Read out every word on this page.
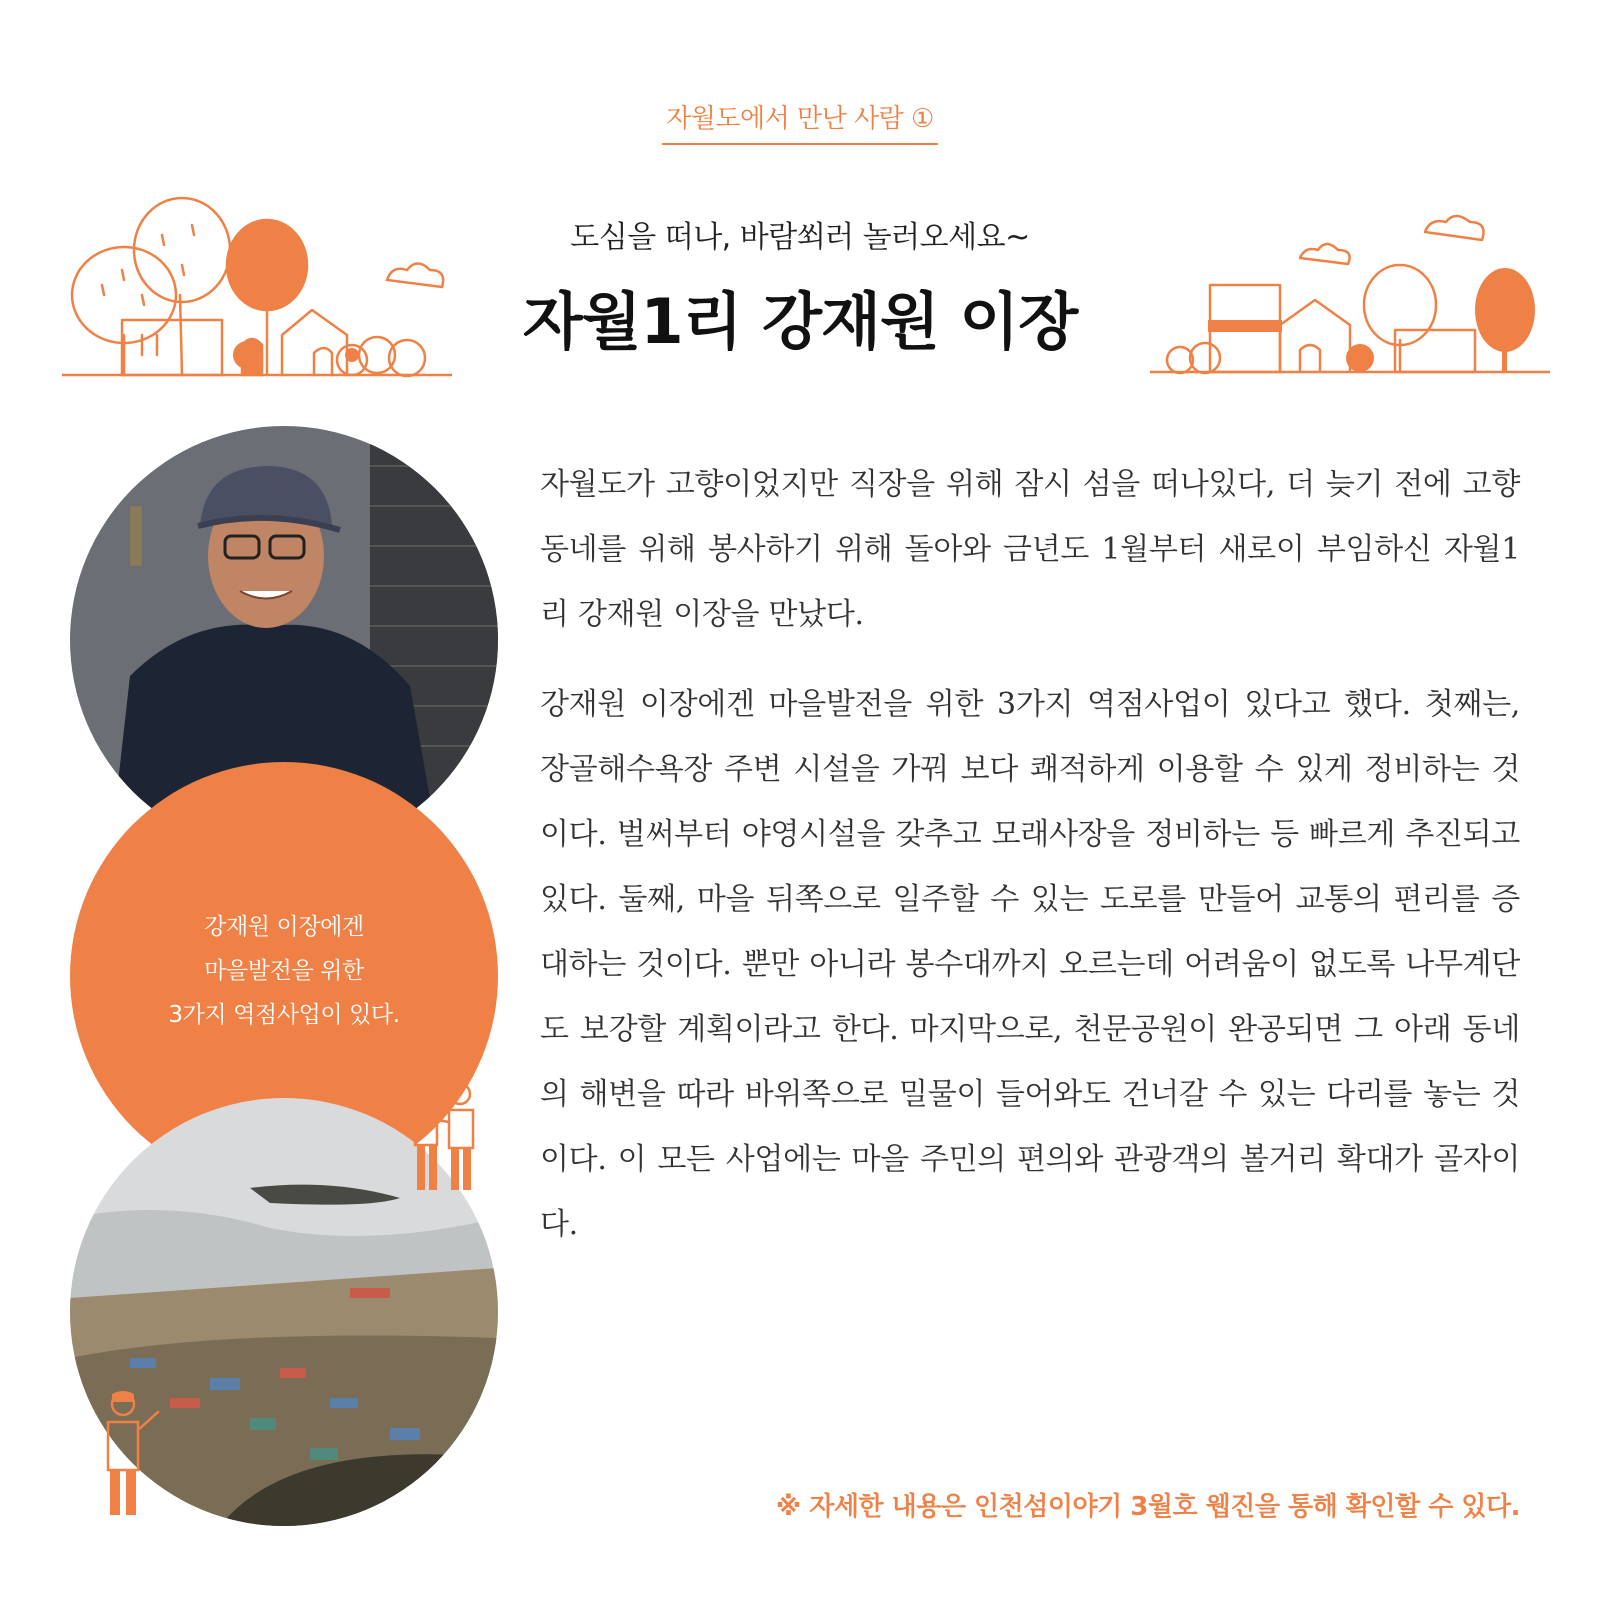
자월도에서 만난 사람 ①
도심을 떠나, 바람쐬러 놀러오세요~
자월1리 강재원 이장
강재원 이장에겐
마을발전을 위한
3가지 역점사업이 있다.

자월도가 고향이었지만 직장을 위해 잠시 섬을 떠나있다, 더 늦기 전에 고향 동네를 위해 봉사하기 위해 돌아와 금년도 1월부터 새로이 부임하신 자월1리 강재원 이장을 만났다.

강재원 이장에겐 마을발전을 위한 3가지 역점사업이 있다고 했다. 첫째는, 장골해수욕장 주변 시설을 가꿔 보다 쾌적하게 이용할 수 있게 정비하는 것이다. 벌써부터 야영시설을 갖추고 모래사장을 정비하는 등 빠르게 추진되고 있다. 둘째, 마을 뒤쪽으로 일주할 수 있는 도로를 만들어 교통의 편리를 증대하는 것이다. 뿐만 아니라 봉수대까지 오르는데 어려움이 없도록 나무계단도 보강할 계획이라고 한다. 마지막으로, 천문공원이 완공되면 그 아래 동네의 해변을 따라 바위쪽으로 밀물이 들어와도 건너갈 수 있는 다리를 놓는 것이다. 이 모든 사업에는 마을 주민의 편의와 관광객의 볼거리 확대가 골자이다.

※ 자세한 내용은 인천섬이야기 3월호 웹진을 통해 확인할 수 있다.
